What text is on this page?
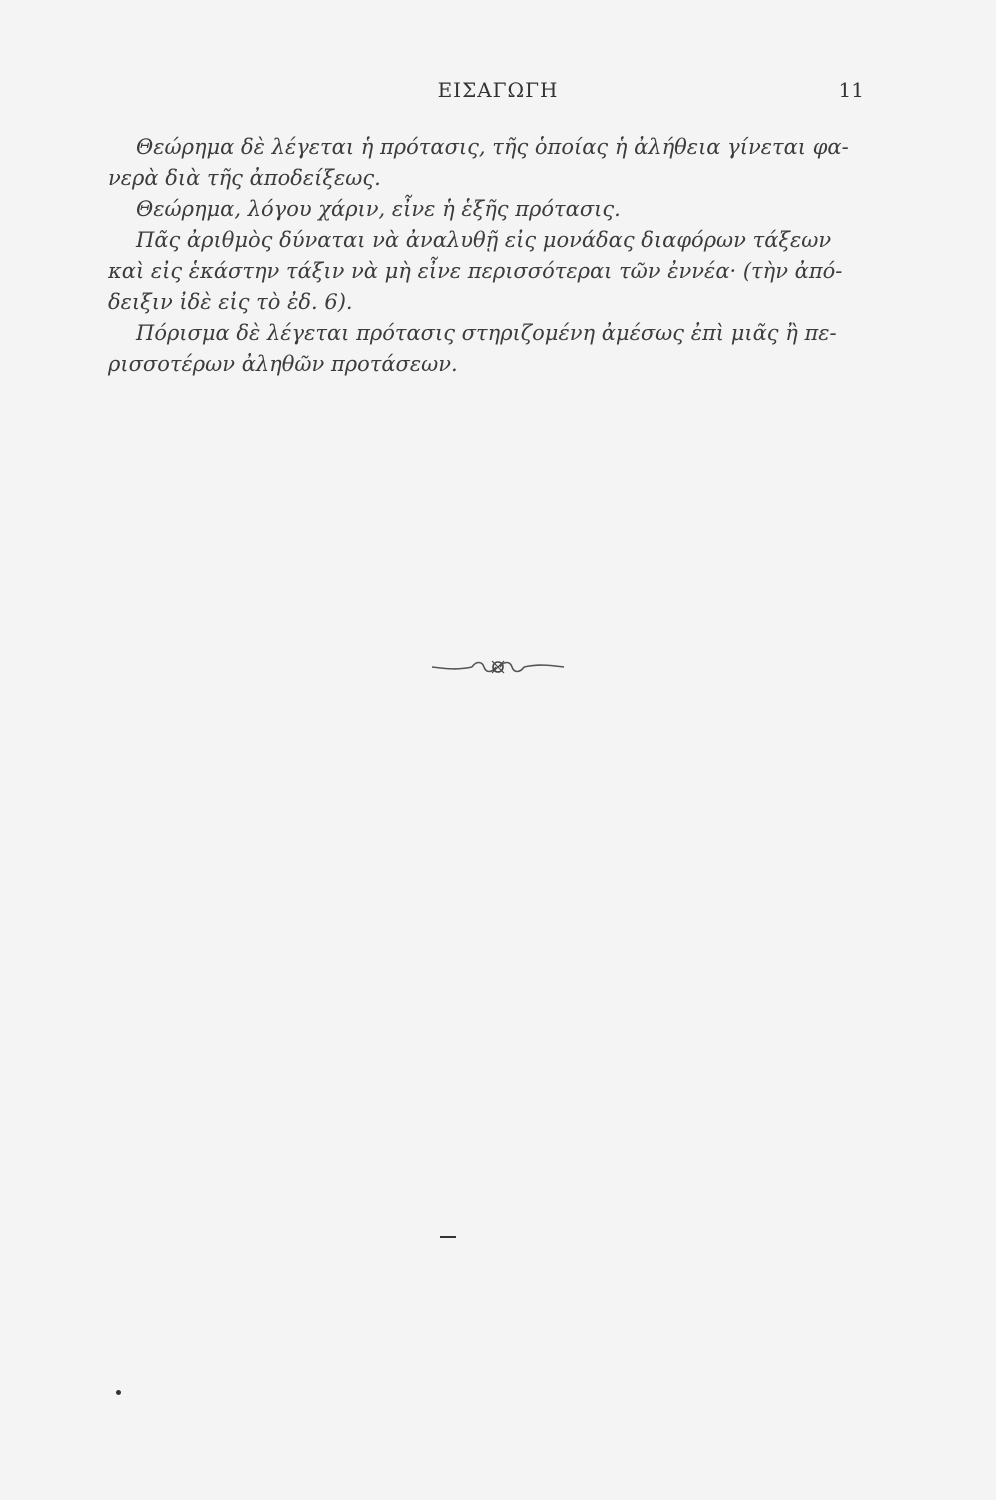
ΕΙΣΑΓΩΓΗ	11
Θεώρημα δὲ λέγεται ἡ πρότασις, τῆς ὁποίας ἡ ἀλήθεια γίνεται φα-
νερὰ διὰ τῆς ἀποδείξεως.
Θεώρημα, λόγου χάριν, εἶνε ἡ ἑξῆς πρότασις.
Πᾶς ἀριθμὸς δύναται νὰ ἀναλυθῇ εἰς μονάδας διαφόρων τάξεων
καὶ εἰς ἑκάστην τάξιν νὰ μὴ εἶνε περισσότεραι τῶν ἐννέα· (τὴν ἀπό-
δειξιν ἰδὲ εἰς τὸ ἐδ. 6).
Πόρισμα δὲ λέγεται πρότασις στηριζομένη ἀμέσως ἐπὶ μιᾶς ἢ πε-
ρισσοτέρων ἀληθῶν προτάσεων.
